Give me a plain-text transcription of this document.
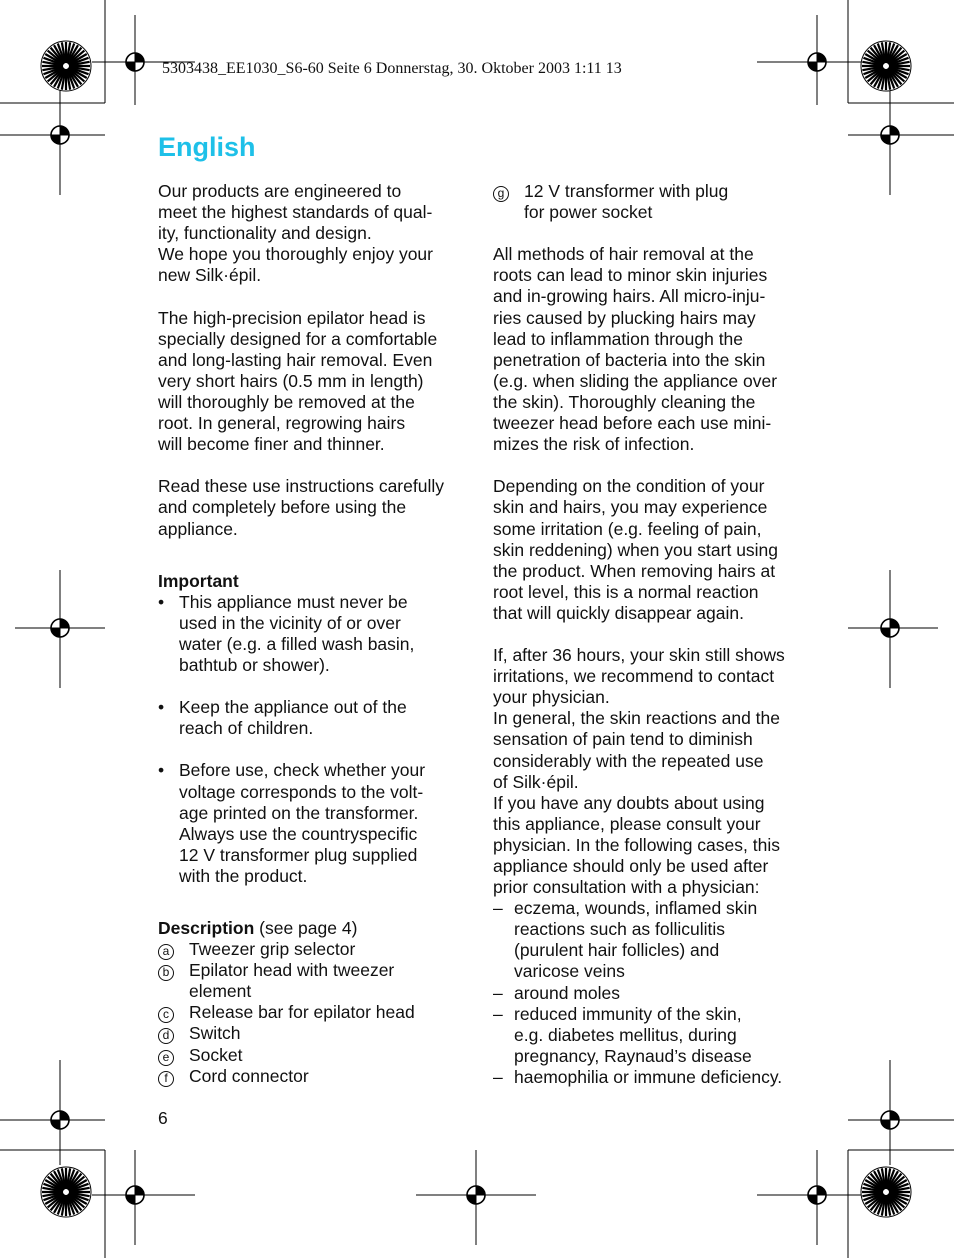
5303438_EE1030_S6-60 Seite 6 Donnerstag, 30. Oktober 2003 1:11 13
English
Our products are engineered to
meet the highest standards of qual-
ity, functionality and design.
We hope you thoroughly enjoy your
new Silk·épil.
The high-precision epilator head is
specially designed for a comfortable
and long-lasting hair removal. Even
very short hairs (0.5 mm in length)
will thoroughly be removed at the
root. In general, regrowing hairs
will become finer and thinner.
Read these use instructions carefully
and completely before using the
appliance.
Important
• This appliance must never be
used in the vicinity of or over
water (e.g. a filled wash basin,
bathtub or shower).
• Keep the appliance out of the
reach of children.
• Before use, check whether your
voltage corresponds to the volt-
age printed on the transformer.
Always use the countryspecific
12 V transformer plug supplied
with the product.
Description (see page 4)
a	Tweezer grip selector
b	Epilator head with tweezer
element
c	Release bar for epilator head
d	Switch
e	Socket
f	Cord connector
g	12 V transformer with plug
for power socket
All methods of hair removal at the
roots can lead to minor skin injuries
and in-growing hairs. All micro-inju-
ries caused by plucking hairs may
lead to inflammation through the
penetration of bacteria into the skin
(e.g. when sliding the appliance over
the skin). Thoroughly cleaning the
tweezer head before each use mini-
mizes the risk of infection.
Depending on the condition of your
skin and hairs, you may experience
some irritation (e.g. feeling of pain,
skin reddening) when you start using
the product. When removing hairs at
root level, this is a normal reaction
that will quickly disappear again.
If, after 36 hours, your skin still shows
irritations, we recommend to contact
your physician.
In general, the skin reactions and the
sensation of pain tend to diminish
considerably with the repeated use
of Silk·épil.
If you have any doubts about using
this appliance, please consult your
physician. In the following cases, this
appliance should only be used after
prior consultation with a physician:
– eczema, wounds, inflamed skin
reactions such as folliculitis
(purulent hair follicles) and
varicose veins
– around moles
– reduced immunity of the skin,
e.g. diabetes mellitus, during
pregnancy, Raynaud’s disease
– haemophilia or immune deficiency.
6
